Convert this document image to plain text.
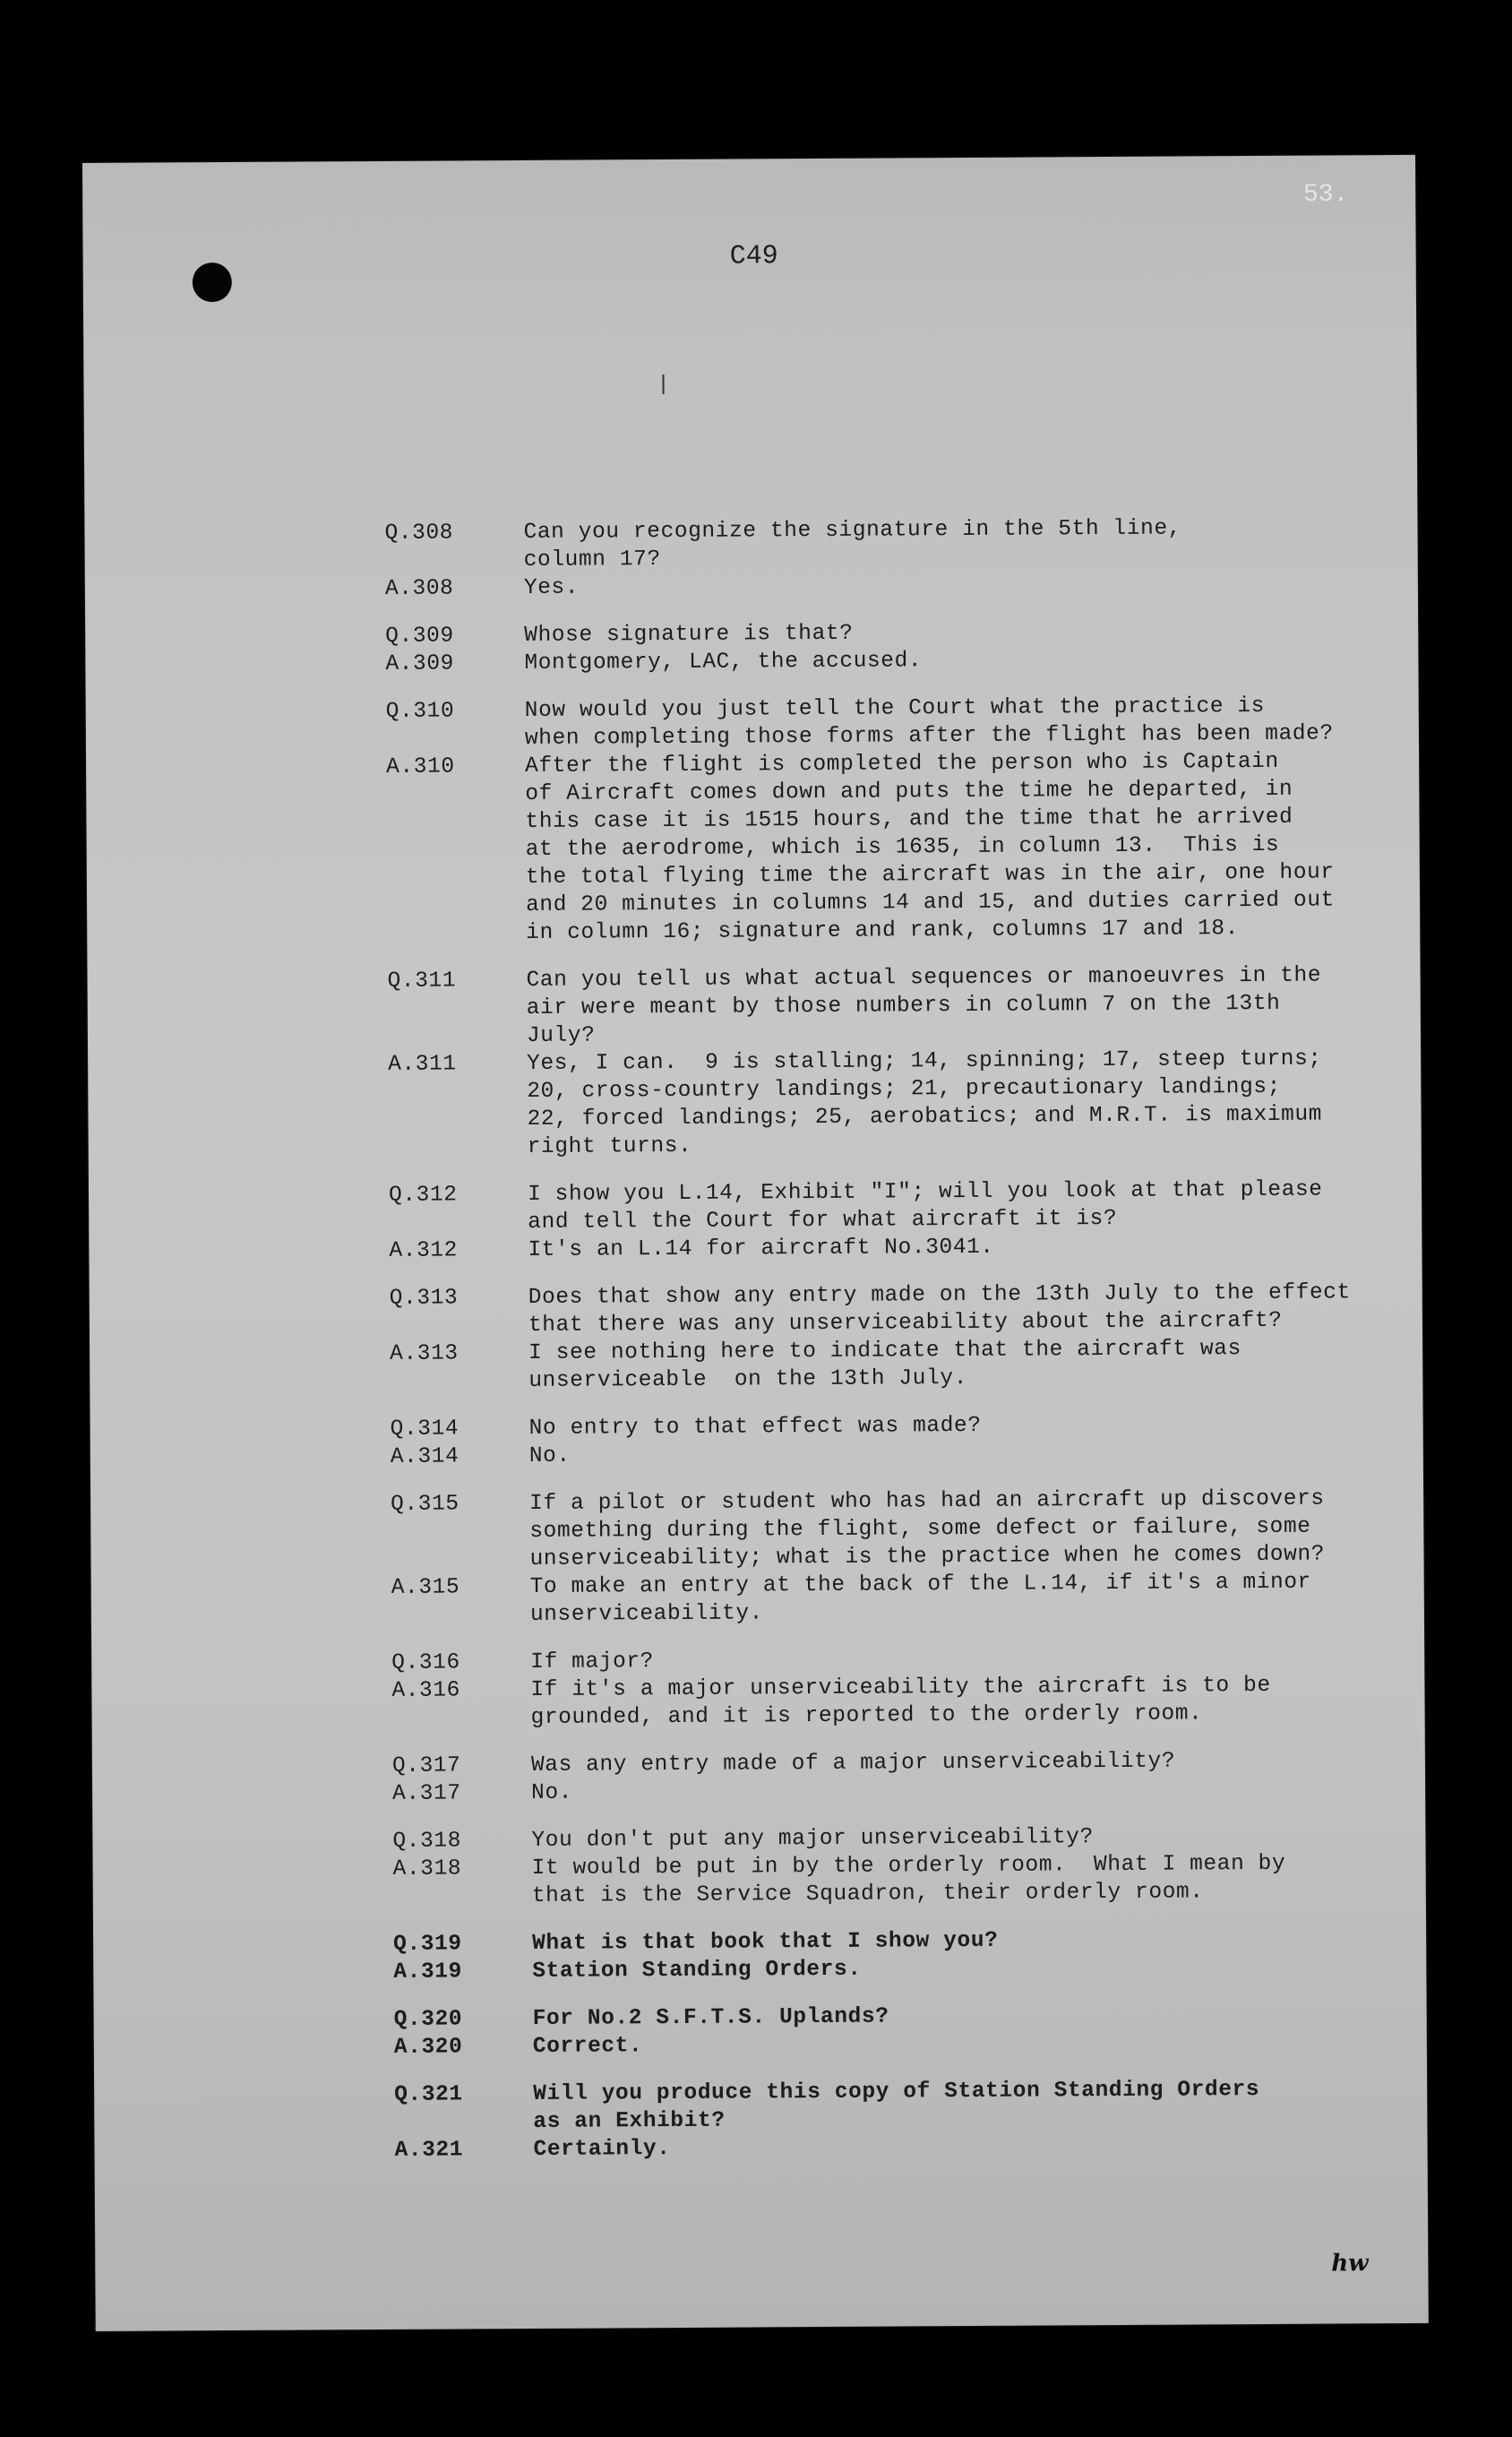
C49
Q.308	Can you recognize the signature in the 5th line,
column 17?
A.308	Yes.
Q.309	Whose signature is that?
A.309	Montgomery, LAC, the accused.
Q.310	Now would you just tell the Court what the practice is
when completing those forms after the flight has been made?
A.310	After the flight is completed the person who is Captain
of Aircraft comes down and puts the time he departed, in
this case it is 1515 hours, and the time that he arrived
at the aerodrome, which is 1635, in column 13.  This is
the total flying time the aircraft was in the air, one hour
and 20 minutes in columns 14 and 15, and duties carried out
in column 16; signature and rank, columns 17 and 18.
Q.311	Can you tell us what actual sequences or manoeuvres in the
air were meant by those numbers in column 7 on the 13th
July?
A.311	Yes, I can.  9 is stalling; 14, spinning; 17, steep turns;
20, cross-country landings; 21, precautionary landings;
22, forced landings; 25, aerobatics; and M.R.T. is maximum
right turns.
Q.312	I show you L.14, Exhibit "I"; will you look at that please
and tell the Court for what aircraft it is?
A.312	It's an L.14 for aircraft No.3041.
Q.313	Does that show any entry made on the 13th July to the effect
that there was any unserviceability about the aircraft?
A.313	I see nothing here to indicate that the aircraft was
unserviceable  on the 13th July.
Q.314	No entry to that effect was made?
A.314	No.
Q.315	If a pilot or student who has had an aircraft up discovers
something during the flight, some defect or failure, some
unserviceability; what is the practice when he comes down?
A.315	To make an entry at the back of the L.14, if it's a minor
unserviceability.
Q.316	If major?
A.316	If it's a major unserviceability the aircraft is to be
grounded, and it is reported to the orderly room.
Q.317	Was any entry made of a major unserviceability?
A.317	No.
Q.318	You don't put any major unserviceability?
A.318	It would be put in by the orderly room.  What I mean by
that is the Service Squadron, their orderly room.
Q.319	What is that book that I show you?
A.319	Station Standing Orders.
Q.320	For No.2 S.F.T.S. Uplands?
A.320	Correct.
Q.321	Will you produce this copy of Station Standing Orders
as an Exhibit?
A.321	Certainly.
hw
53.
